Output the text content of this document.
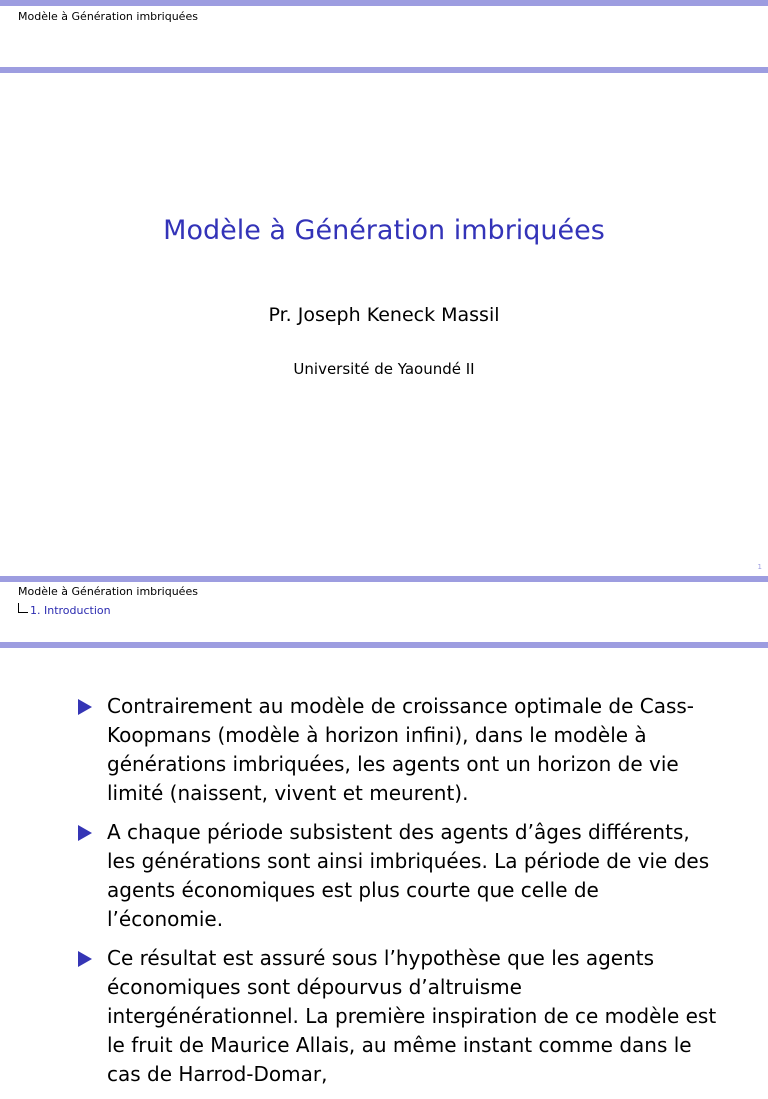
Modèle à Génération imbriquées
Modèle à Génération imbriquées
Pr. Joseph Keneck Massil
Université de Yaoundé II
1
Modèle à Génération imbriquées
1. Introduction
Contrairement au modèle de croissance optimale de Cass-Koopmans (modèle à horizon infini), dans le modèle à générations imbriquées, les agents ont un horizon de vie limité (naissent, vivent et meurent).
A chaque période subsistent des agents d’âges différents, les générations sont ainsi imbriquées. La période de vie des agents économiques est plus courte que celle de l’économie.
Ce résultat est assuré sous l’hypothèse que les agents économiques sont dépourvus d’altruisme intergénérationnel. La première inspiration de ce modèle est le fruit de Maurice Allais, au même instant comme dans le cas de Harrod-Domar,
